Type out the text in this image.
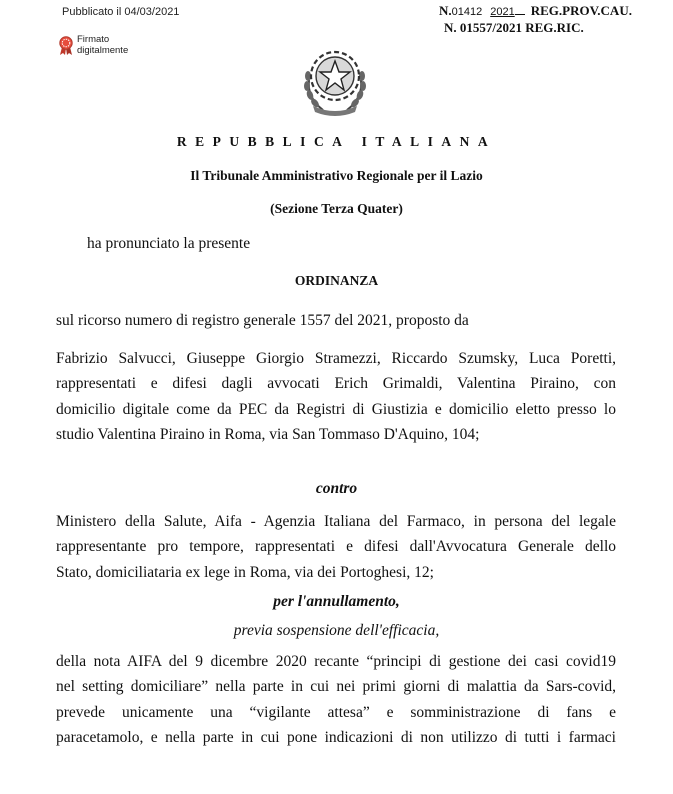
Pubblicato il 04/03/2021	N.01412 2021 REG.PROV.CAU.
N. 01557/2021 REG.RIC.
Firmato
digitalmente
REPUBBLICA ITALIANA
Il Tribunale Amministrativo Regionale per il Lazio
(Sezione Terza Quater)
ha pronunciato la presente
ORDINANZA
sul ricorso numero di registro generale 1557 del 2021, proposto da
Fabrizio Salvucci, Giuseppe Giorgio Stramezzi, Riccardo Szumsky, Luca Poretti,
rappresentati e difesi dagli avvocati Erich Grimaldi, Valentina Piraino, con
domicilio digitale come da PEC da Registri di Giustizia e domicilio eletto presso lo
studio Valentina Piraino in Roma, via San Tommaso D'Aquino, 104;
contro
Ministero della Salute, Aifa - Agenzia Italiana del Farmaco, in persona del legale
rappresentante pro tempore, rappresentati e difesi dall'Avvocatura Generale dello
Stato, domiciliataria ex lege in Roma, via dei Portoghesi, 12;
per l'annullamento,
previa sospensione dell'efficacia,
della nota AIFA del 9 dicembre 2020 recante “principi di gestione dei casi covid19
nel setting domiciliare” nella parte in cui nei primi giorni di malattia da Sars-covid,
prevede unicamente una “vigilante attesa” e somministrazione di fans e
paracetamolo, e nella parte in cui pone indicazioni di non utilizzo di tutti i farmaci
